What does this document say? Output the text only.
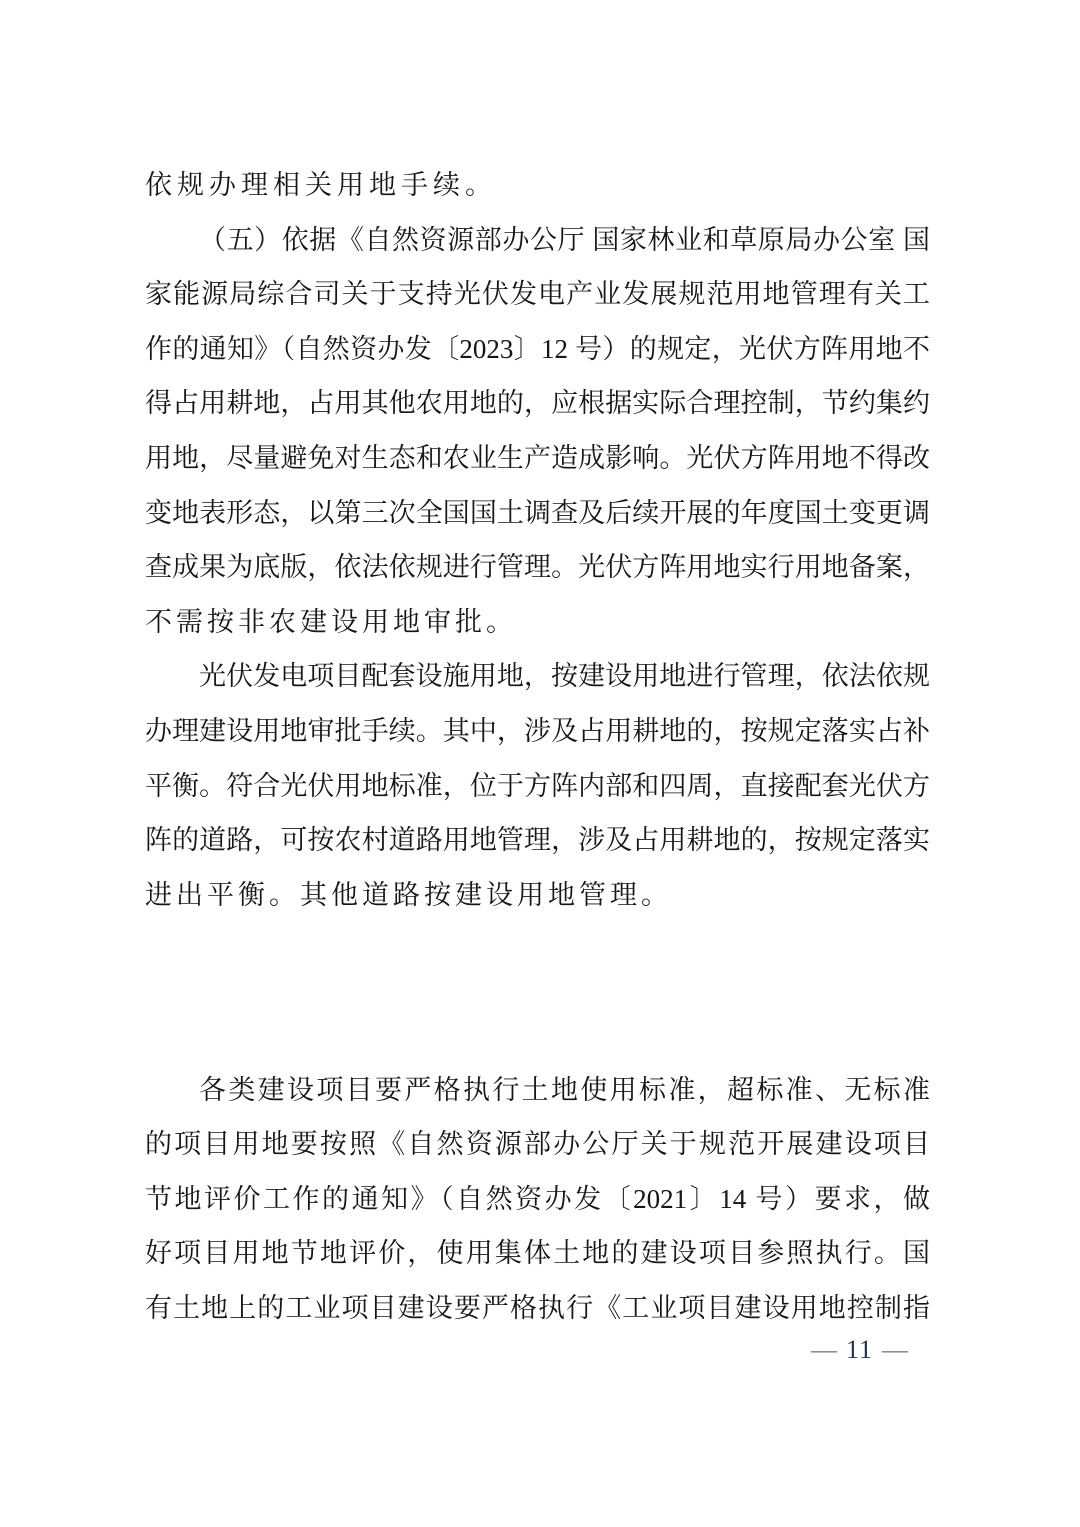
依规办理相关用地手续。
（五）依据《自然资源部办公厅 国家林业和草原局办公室 国
家能源局综合司关于支持光伏发电产业发展规范用地管理有关工
作的通知》（自然资办发〔2023〕12 号）的规定，光伏方阵用地不
得占用耕地，占用其他农用地的，应根据实际合理控制，节约集约
用地，尽量避免对生态和农业生产造成影响。光伏方阵用地不得改
变地表形态，以第三次全国国土调查及后续开展的年度国土变更调
查成果为底版，依法依规进行管理。光伏方阵用地实行用地备案，
不需按非农建设用地审批。
光伏发电项目配套设施用地，按建设用地进行管理，依法依规
办理建设用地审批手续。其中，涉及占用耕地的，按规定落实占补
平衡。符合光伏用地标准，位于方阵内部和四周，直接配套光伏方
阵的道路，可按农村道路用地管理，涉及占用耕地的，按规定落实
进出平衡。其他道路按建设用地管理。
各类建设项目要严格执行土地使用标准，超标准、无标准
的项目用地要按照《自然资源部办公厅关于规范开展建设项目
节地评价工作的通知》（自然资办发〔2021〕14 号）要求，做
好项目用地节地评价，使用集体土地的建设项目参照执行。国
有土地上的工业项目建设要严格执行《工业项目建设用地控制指
— 11 —
